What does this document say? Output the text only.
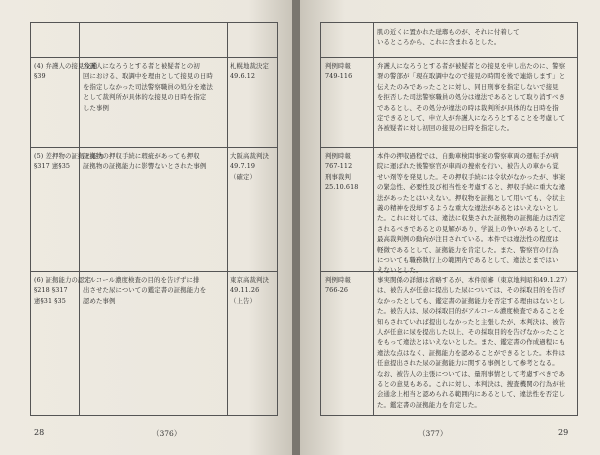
(4) 弁護人の接見交通
§39
弁護人になろうとする者と被疑者との初
回における、取調中を理由として接見の日時
を指定しなかった司法警察職員の処分を違法
として裁判所が具体的な接見の日時を指定
した事例
札幌地裁決定
49.6.12
(5) 差押物の証拠と能力
§317 憲§35
証拠物の押収手続に瑕疵があっても押収
証拠物の証拠能力に影響ないとされた事例
大阪高裁判決
49.7.19
（確定）
(6) 証拠能力の認定
§218 §317
憲§31 §35
アルコール濃度検査の目的を告げずに排
出させた尿についての鑑定書の証拠能力を
認めた事例
東京高裁判決
49.11.26
（上告）
28	（376）
肌の近くに置かれた琺瑯ものが、それに付着して
いるところから、これに含まれるとした。
判例時報
749-116
弁護人になろうとする者が被疑者との接見を申し出たのに、警察
署の警部が「現在取調中なので接見の時間を後で連絡します」と
伝えたのみであったことに対し、同日刑事を指定しないで接見
を拒否した司法警察職員の処分は違法であるとして取り消すべき
であるとし、その処分が違法の時は裁判所が具体的な日時を指
定できるとして、申立人が弁護人になろうとすることを考慮して
各被疑者に対し初回の接見の日時を指定した。
判例時報
767-112
刑事裁判
25.10.618
本件の押収過程では、自動車検問事案の警察車両の運転手が病
院に運ばれた後警察官が車両の捜索を行い、被告人の車から覚
せい剤等を発見した。その押収手続には令状がなかったが、事案
の緊急性、必要性及び相当性を考慮すると、押収手続に重大な違
法があったとはいえない。押収物を証拠として用いても、令状主
義の精神を没却するような重大な違法があるとはいえないとし
た。これに対しては、違法に収集された証拠物の証拠能力は否定
されるべきであるとの見解があり、学説上の争いがあるとして、
最高裁判例の動向が注目されている。本件では違法性の程度は
軽微であるとして、証拠能力を肯定した。また、警察官の行為
についても職務執行上の範囲内であるとして、違法とまではい
えないとした。
判例時報
766-26
事実関係の詳細は省略するが、本件原審（東京地判昭和49.1.27）
は、被告人が任意に提出した尿については、その採取目的を告げ
なかったとしても、鑑定書の証拠能力を否定する理由はないとし
た。被告人は、尿の採取目的がアルコール濃度検査であることを
知らされていれば提出しなかったと主張したが、本判決は、被告
人が任意に尿を提出した以上、その採取目的を告げなかったこと
をもって違法とはいえないとした。また、鑑定書の作成過程にも
違法な点はなく、証拠能力を認めることができるとした。本件は
任意提出された尿の証拠能力に関する事例として参考となる。
なお、被告人の主張については、量刑事情として考慮すべきであ
るとの意見もある。これに対し、本判決は、捜査機関の行為が社
会通念上相当と認められる範囲内にあるとして、違法性を否定し
た。鑑定書の証拠能力を肯定した。
（377）	29
